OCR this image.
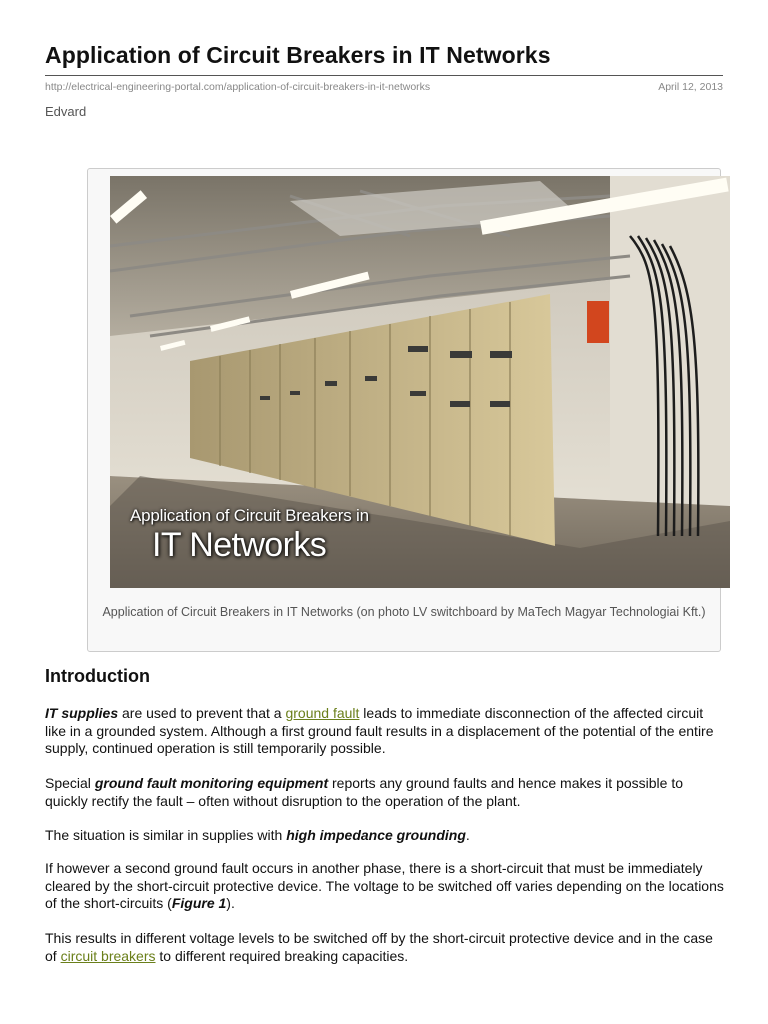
Application of Circuit Breakers in IT Networks
http://electrical-engineering-portal.com/application-of-circuit-breakers-in-it-networks	April 12, 2013
Edvard
Application of Circuit Breakers in
IT Networks
Application of Circuit Breakers in IT Networks (on photo LV switchboard by MaTech Magyar Technologiai Kft.)
Introduction

IT supplies are used to prevent that a ground fault leads to immediate disconnection of the affected circuit like in a grounded system. Although a first ground fault results in a displacement of the potential of the entire supply, continued operation is still temporarily possible.

Special ground fault monitoring equipment reports any ground faults and hence makes it possible to quickly rectify the fault – often without disruption to the operation of the plant.

The situation is similar in supplies with high impedance grounding.

If however a second ground fault occurs in another phase, there is a short-circuit that must be immediately cleared by the short-circuit protective device. The voltage to be switched off varies depending on the locations of the short-circuits (Figure 1).

This results in different voltage levels to be switched off by the short-circuit protective device and in the case of circuit breakers to different required breaking capacities.
